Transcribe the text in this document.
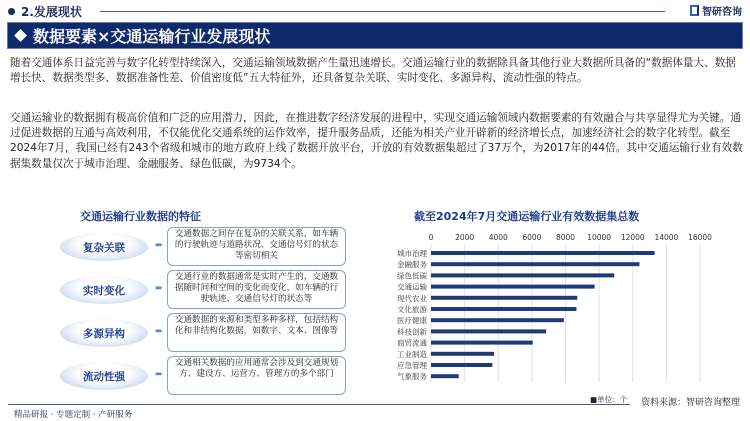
2.发展现状	智研咨询
数据要素×交通运输行业发展现状

随着交通体系日益完善与数字化转型持续深入，交通运输领域数据产生量迅速增长。交通运输行业的数据除具备其他行业大数据所具备的“数据体量大、数据增长快、数据类型多、数据准备性差、价值密度低”五大特征外，还具备复杂关联、实时变化、多源异构、流动性强的特点。

交通运输业的数据拥有极高价值和广泛的应用潜力，因此，在推进数字经济发展的进程中，实现交通运输领域内数据要素的有效融合与共享显得尤为关键。通过促进数据的互通与高效利用，不仅能优化交通系统的运作效率，提升服务品质，还能为相关产业开辟新的经济增长点，加速经济社会的数字化转型。截至2024年7月，我国已经有243个省级和城市的地方政府上线了数据开放平台，开放的有效数据集超过了37万个，为2017年的44倍。其中交通运输行业有效数据集数量仅次于城市治理、金融服务、绿色低碳，为9734个。

交通运输行业数据的特征
复杂关联	➨
交通数据之间存在复杂的关联关系，如车辆的行驶轨迹与道路状况、交通信号灯的状态等密切相关
实时变化	➨
交通行业的数据通常是实时产生的，交通数据随时间和空间的变化而变化，如车辆的行驶轨迹、交通信号灯的状态等
多源异构	➨
交通数据的来源和类型多种多样，包括结构化和非结构化数据，如数字、文本、图像等
流动性强	➨
交通相关数据的应用通常会涉及到交通规划方、建设方、运营方、管理方的多个部门
截至2024年7月交通运输行业有效数据集总数
0	2000 4000 6000 8000 10000 12000 14000 16000
城市治理
金融服务
绿色低碳
交通运输
现代农业
文化旅游
医疗健康
科技创新
商贸流通
工业制造
应急管理
气象服务
■单位：个 资料来源：智研咨询整理
精品研报 · 专题定制 · 产研服务
